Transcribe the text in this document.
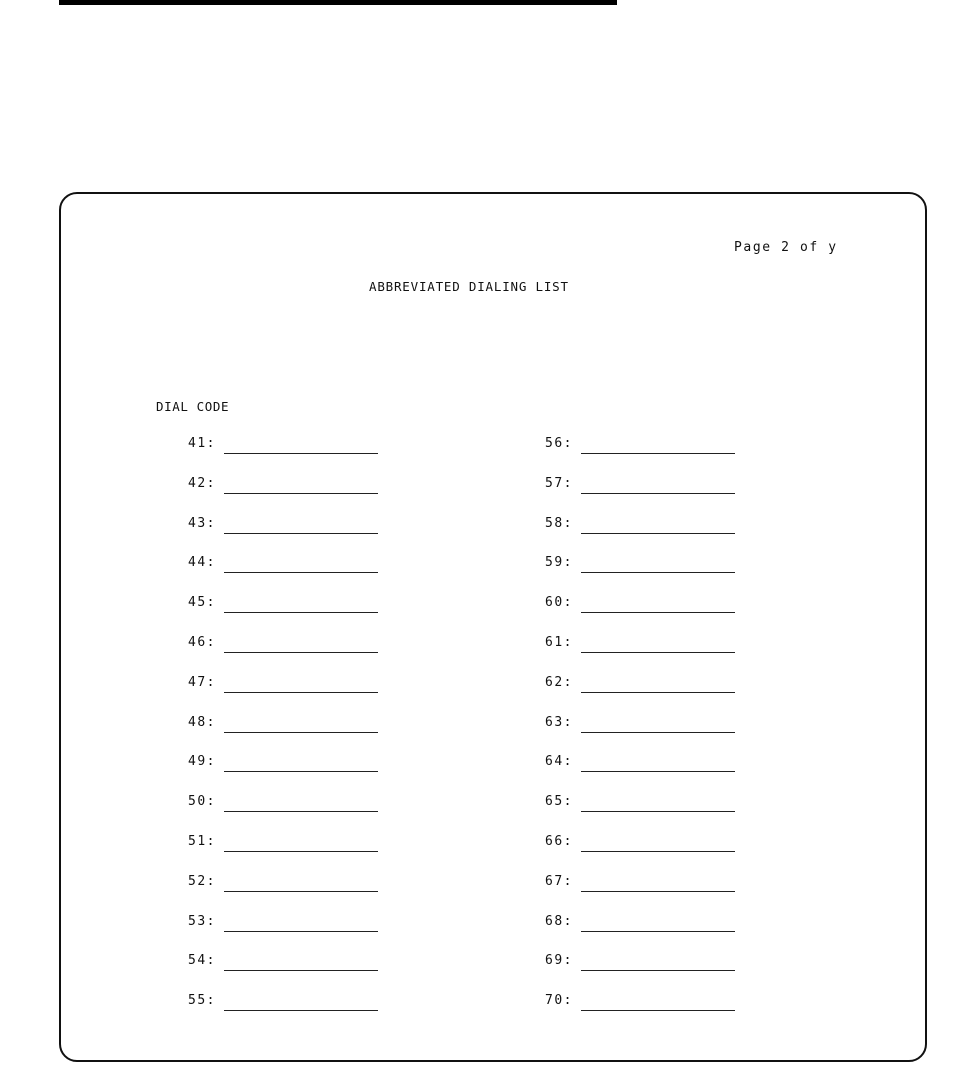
Page 2 of y
ABBREVIATED DIALING LIST
DIAL CODE
41:
42:
43:
44:
45:
46:
47:
48:
49:
50:
51:
52:
53:
54:
55:
56:
57:
58:
59:
60:
61:
62:
63:
64:
65:
66:
67:
68:
69:
70:
